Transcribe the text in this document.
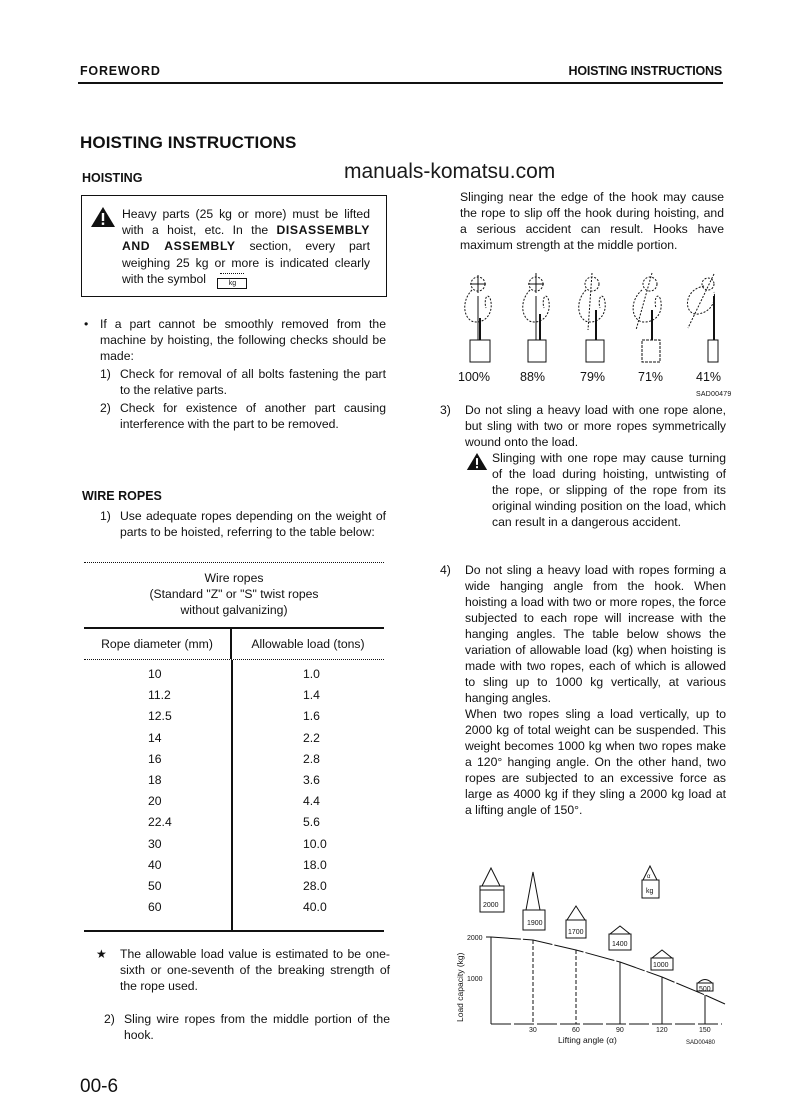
FOREWORD	HOISTING INSTRUCTIONS
HOISTING INSTRUCTIONS
manuals-komatsu.com
HOISTING
Heavy parts (25 kg or more) must be lifted with a hoist, etc. In the DISASSEMBLY AND ASSEMBLY section, every part weighing 25 kg or more is indicated clearly with the symbol	kg
• If a part cannot be smoothly removed from the machine by hoisting, the following checks should be made:

1) Check for removal of all bolts fastening the part to the relative parts.

2) Check for existence of another part causing interference with the part to be removed.

WIRE ROPES
1) Use adequate ropes depending on the weight of parts to be hoisted, referring to the table below:

Wire ropes
(Standard "Z" or "S" twist ropes
without galvanizing)
Rope diameter (mm)	Allowable load (tons)
10	1.0
11.2	1.4
12.5	1.6
14	2.2
16	2.8
18	3.6
20	4.4
22.4	5.6
30	10.0
40	18.0
50	28.0
60	40.0
★	The allowable load value is estimated to be one-sixth or one-seventh of the breaking strength of the rope used.

2) Sling wire ropes from the middle portion of the hook.

00-6
Slinging near the edge of the hook may cause the rope to slip off the hook during hoisting, and a serious accident can result. Hooks have maximum strength at the middle portion.
100% 88%	79%	71%	41%
SAD00479
3)	Do not sling a heavy load with one rope alone, but sling with two or more ropes symmetrically wound onto the load.

Slinging with one rope may cause turning of the load during hoisting, untwisting of the rope, or slipping of the rope from its original winding position on the load, which can result in a dangerous accident.

4)	Do not sling a heavy load with ropes forming a wide hanging angle from the hook. When hoisting a load with two or more ropes, the force subjected to each rope will increase with the hanging angles. The table below shows the variation of allowable load (kg) when hoisting is made with two ropes, each of which is allowed to sling up to 1000 kg vertically, at various hanging angles.

When two ropes sling a load vertically, up to 2000 kg of total weight can be suspended. This weight becomes 1000 kg when two ropes make a 120° hanging angle. On the other hand, two ropes are subjected to an excessive force as large as 4000 kg if they sling a 2000 kg load at a lifting angle of 150°.

2000
1900
1700
1400
1000
500
α
kg
2000
1000
30	60	90	120	150
Lifting angle (α)	SAD00480
Load capacity (kg)
